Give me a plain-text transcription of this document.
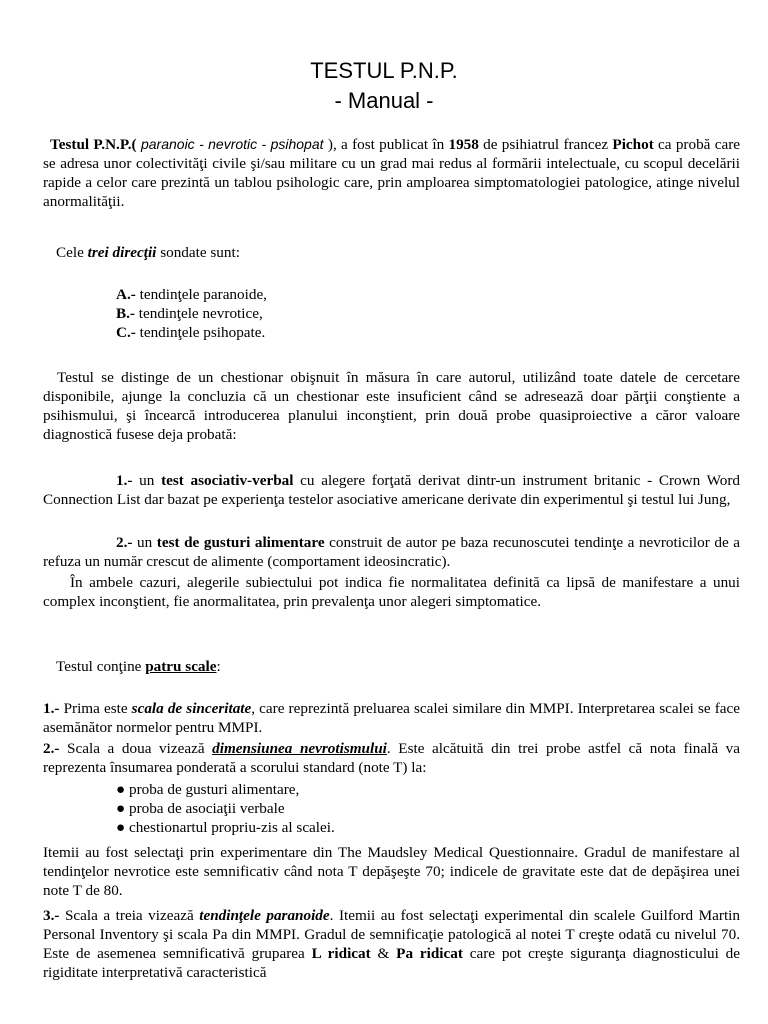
TESTUL P.N.P.
- Manual -

Testul P.N.P.( paranoic - nevrotic - psihopat ), a fost publicat în 1958 de psihiatrul francez Pichot ca probă care se adresa unor colectivităţi civile şi/sau militare cu un grad mai redus al formării intelectuale, cu scopul decelării rapide a celor care prezintă un tablou psihologic care, prin amploarea simptomatologiei patologice, atinge nivelul anormalităţii.

Cele trei direcţii sondate sunt:

A.- tendinţele paranoide,
B.- tendinţele nevrotice,
C.- tendinţele psihopate.

Testul se distinge de un chestionar obişnuit în măsura în care autorul, utilizând toate datele de cercetare disponibile, ajunge la concluzia că un chestionar este insuficient când se adresează doar părţii conştiente a psihismului, şi încearcă introducerea planului inconştient, prin două probe quasiproiective a căror valoare diagnostică fusese deja probată:

1.- un test asociativ-verbal cu alegere forţată derivat dintr-un instrument britanic - Crown Word Connection List dar bazat pe experienţa testelor asociative americane derivate din experimentul şi testul lui Jung,

2.- un test de gusturi alimentare construit de autor pe baza recunoscutei tendinţe a nevroticilor de a refuza un număr crescut de alimente (comportament ideosincratic).

În ambele cazuri, alegerile subiectului pot indica fie normalitatea definită ca lipsă de manifestare a unui complex inconştient, fie anormalitatea, prin prevalenţa unor alegeri simptomatice.

Testul conţine patru scale:

1.- Prima este scala de sinceritate, care reprezintă preluarea scalei similare din MMPI. Interpretarea scalei se face asemănător normelor pentru MMPI.

2.- Scala a doua vizează dimensiunea nevrotismului. Este alcătuită din trei probe astfel că nota finală va reprezenta însumarea ponderată a scorului standard (note T) la:

● proba de gusturi alimentare,
● proba de asociaţii verbale
● chestionartul propriu-zis al scalei.

Itemii au fost selectaţi prin experimentare din The Maudsley Medical Questionnaire. Gradul de manifestare al tendinţelor nevrotice este semnificativ când nota T depăşeşte 70; indicele de gravitate este dat de depăşirea unei note T de 80.

3.- Scala a treia vizează tendinţele paranoide. Itemii au fost selectaţi experimental din scalele Guilford Martin Personal Inventory şi scala Pa din MMPI. Gradul de semnificaţie patologică al notei T creşte odată cu nivelul 70. Este de asemenea semnificativă gruparea L ridicat & Pa ridicat care pot creşte siguranţa diagnosticului de rigiditate interpretativă caracteristică
